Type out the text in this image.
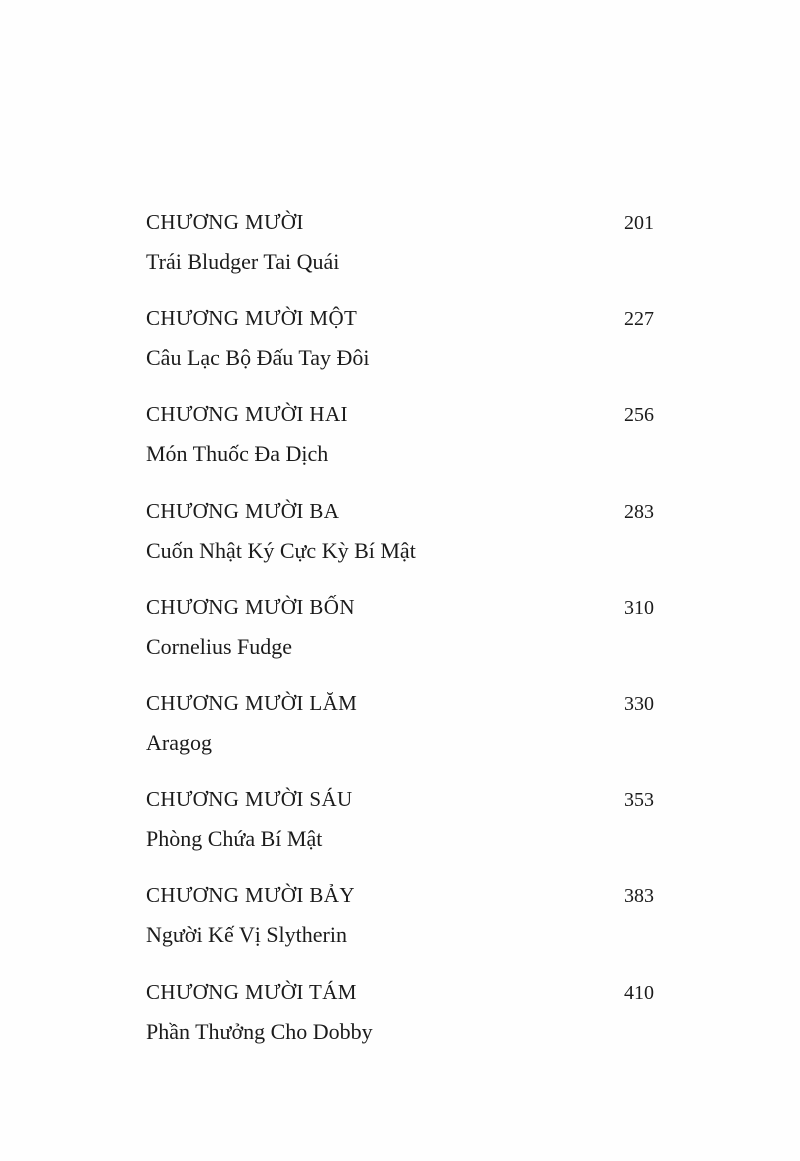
CHƯƠNG MƯỜI	201
Trái Bludger Tai Quái
CHƯƠNG MƯỜI MỘT	227
Câu Lạc Bộ Đấu Tay Đôi
CHƯƠNG MƯỜI HAI	256
Món Thuốc Đa Dịch
CHƯƠNG MƯỜI BA	283
Cuốn Nhật Ký Cực Kỳ Bí Mật
CHƯƠNG MƯỜI BỐN	310
Cornelius Fudge
CHƯƠNG MƯỜI LĂM	330
Aragog
CHƯƠNG MƯỜI SÁU	353
Phòng Chứa Bí Mật
CHƯƠNG MƯỜI BẢY	383
Người Kế Vị Slytherin
CHƯƠNG MƯỜI TÁM	410
Phần Thưởng Cho Dobby
